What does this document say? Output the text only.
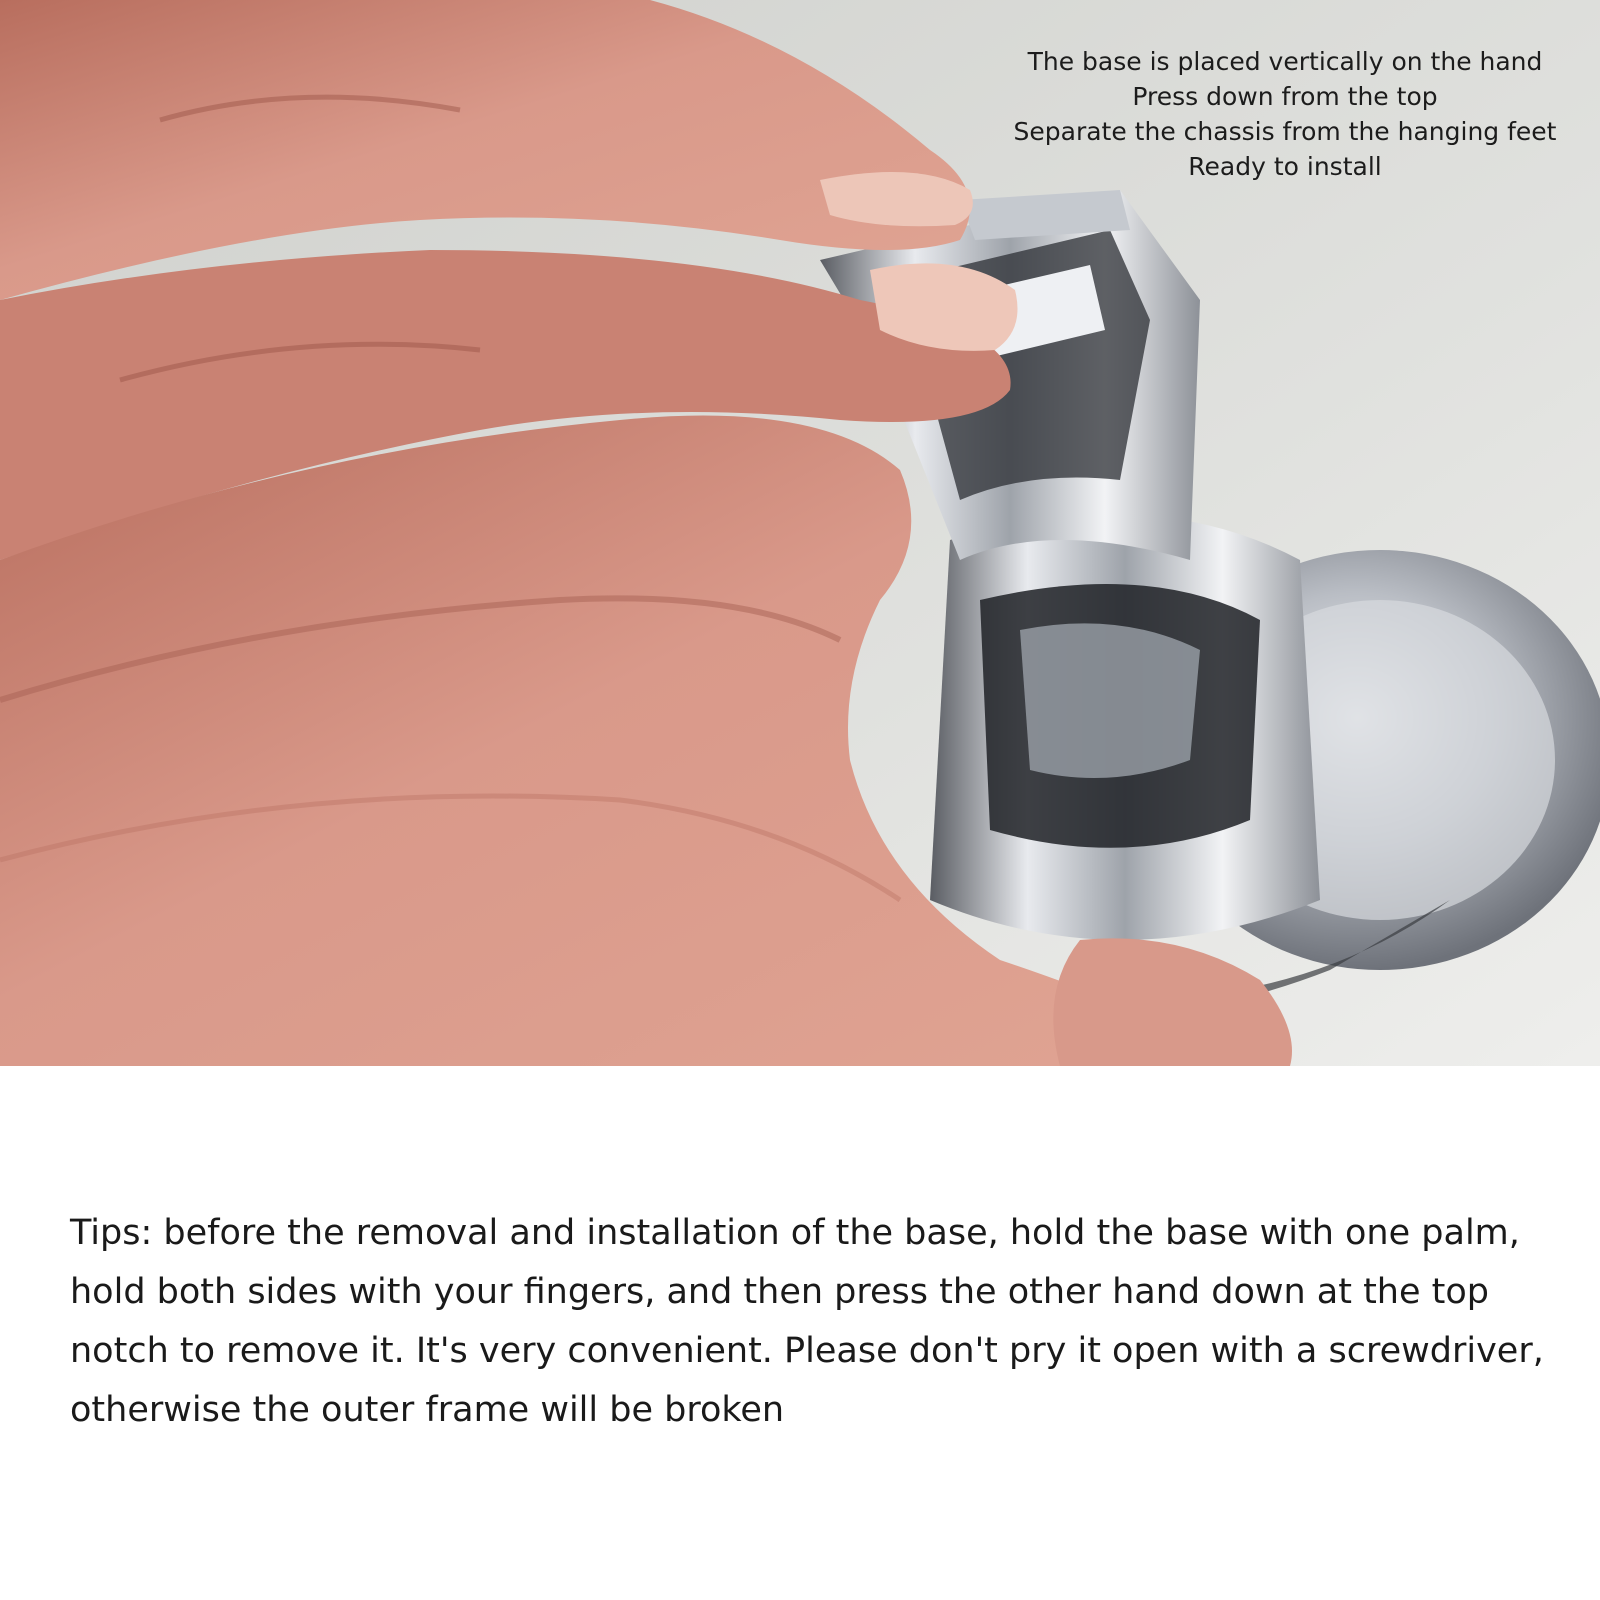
The base is placed vertically on the hand
Press down from the top
Separate the chassis from the hanging feet
Ready to install
Tips: before the removal and installation of the base, hold the base with one palm, hold both sides with your fingers, and then press the other hand down at the top notch to remove it. It's very convenient. Please don't pry it open with a screwdriver, otherwise the outer frame will be broken
